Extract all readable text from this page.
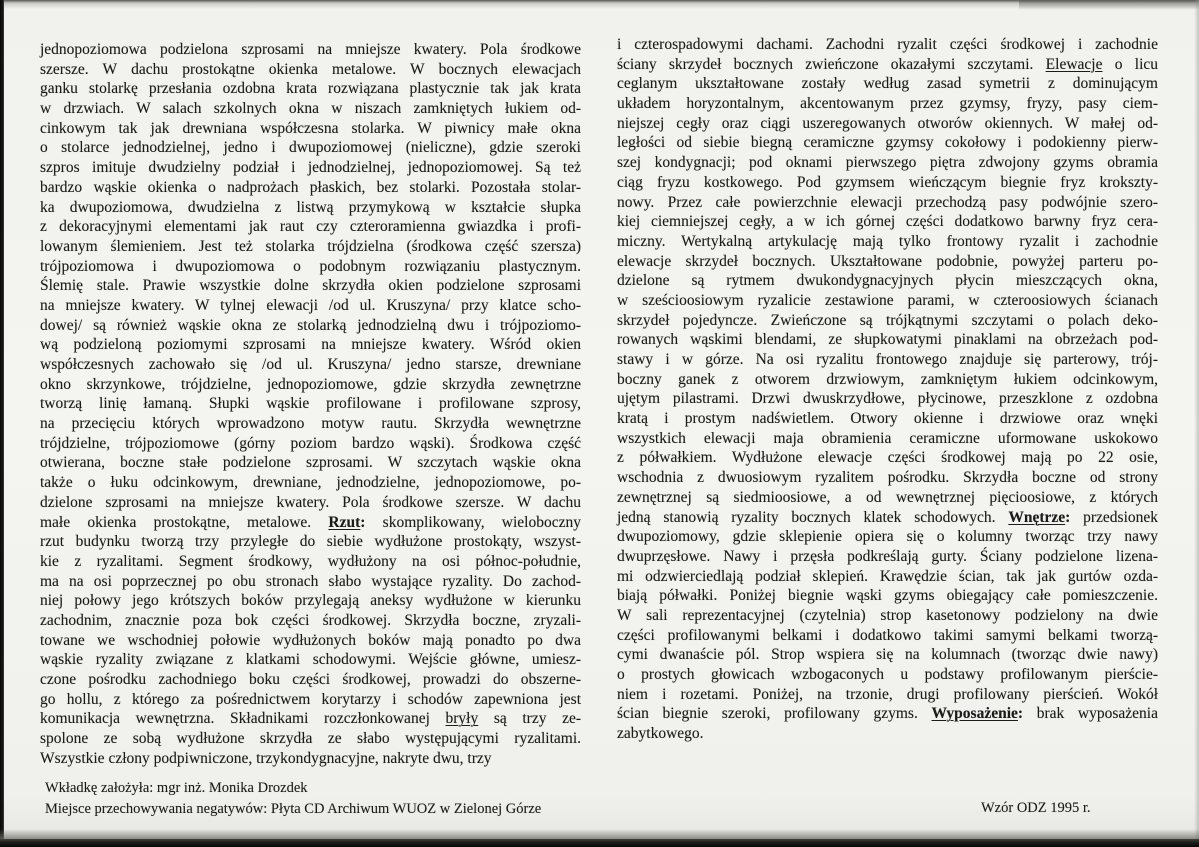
jednopoziomowa podzielona szprosami na mniejsze kwatery. Pola środkowe
szersze. W dachu prostokątne okienka metalowe. W bocznych elewacjach
ganku stolarkę przesłania ozdobna krata rozwiązana plastycznie tak jak krata
w drzwiach. W salach szkolnych okna w niszach zamkniętych łukiem od-
cinkowym tak jak drewniana współczesna stolarka. W piwnicy małe okna
o stolarce jednodzielnej, jedno i dwupoziomowej (nieliczne), gdzie szeroki
szpros imituje dwudzielny podział i jednodzielnej, jednopoziomowej. Są też
bardzo wąskie okienka o nadprożach płaskich, bez stolarki. Pozostała stolar-
ka dwupoziomowa, dwudzielna z listwą przymykową w kształcie słupka
z dekoracyjnymi elementami jak raut czy czteroramienna gwiazdka i profi-
lowanym ślemieniem. Jest też stolarka trójdzielna (środkowa część szersza)
trójpoziomowa i dwupoziomowa o podobnym rozwiązaniu plastycznym.
Ślemię stale. Prawie wszystkie dolne skrzydła okien podzielone szprosami
na mniejsze kwatery. W tylnej elewacji /od ul. Kruszyna/ przy klatce scho-
dowej/ są również wąskie okna ze stolarką jednodzielną dwu i trójpoziomo-
wą podzieloną poziomymi szprosami na mniejsze kwatery. Wśród okien
współczesnych zachowało się /od ul. Kruszyna/ jedno starsze, drewniane
okno skrzynkowe, trójdzielne, jednopoziomowe, gdzie skrzydła zewnętrzne
tworzą linię łamaną. Słupki wąskie profilowane i profilowane szprosy,
na przecięciu których wprowadzono motyw rautu. Skrzydła wewnętrzne
trójdzielne, trójpoziomowe (górny poziom bardzo wąski). Środkowa część
otwierana, boczne stałe podzielone szprosami. W szczytach wąskie okna
także o łuku odcinkowym, drewniane, jednodzielne, jednopoziomowe, po-
dzielone szprosami na mniejsze kwatery. Pola środkowe szersze. W dachu
małe okienka prostokątne, metalowe. Rzut: skomplikowany, wieloboczny
rzut budynku tworzą trzy przyległe do siebie wydłużone prostokąty, wszyst-
kie z ryzalitami. Segment środkowy, wydłużony na osi północ-południe,
ma na osi poprzecznej po obu stronach słabo wystające ryzality. Do zachod-
niej połowy jego krótszych boków przylegają aneksy wydłużone w kierunku
zachodnim, znacznie poza bok części środkowej. Skrzydła boczne, zryzali-
towane we wschodniej połowie wydłużonych boków mają ponadto po dwa
wąskie ryzality związane z klatkami schodowymi. Wejście główne, umiesz-
czone pośrodku zachodniego boku części środkowej, prowadzi do obszerne-
go hollu, z którego za pośrednictwem korytarzy i schodów zapewniona jest
komunikacja wewnętrzna. Składnikami rozczłonkowanej bryły są trzy ze-
spolone ze sobą wydłużone skrzydła ze słabo występującymi ryzalitami.
Wszystkie człony podpiwniczone, trzykondygnacyjne, nakryte dwu, trzy
i czterospadowymi dachami. Zachodni ryzalit części środkowej i zachodnie
ściany skrzydeł bocznych zwieńczone okazałymi szczytami. Elewacje o licu
ceglanym ukształtowane zostały według zasad symetrii z dominującym
układem horyzontalnym, akcentowanym przez gzymsy, fryzy, pasy ciem-
niejszej cegły oraz ciągi uszeregowanych otworów okiennych. W małej od-
ległości od siebie biegną ceramiczne gzymsy cokołowy i podokienny pierw-
szej kondygnacji; pod oknami pierwszego piętra zdwojony gzyms obramia
ciąg fryzu kostkowego. Pod gzymsem wieńczącym biegnie fryz krokszty-
nowy. Przez całe powierzchnie elewacji przechodzą pasy podwójnie szero-
kiej ciemniejszej cegły, a w ich górnej części dodatkowo barwny fryz cera-
miczny. Wertykalną artykulację mają tylko frontowy ryzalit i zachodnie
elewacje skrzydeł bocznych. Ukształtowane podobnie, powyżej parteru po-
dzielone są rytmem dwukondygnacyjnych płycin mieszczących okna,
w sześcioosiowym ryzalicie zestawione parami, w czteroosiowych ścianach
skrzydeł pojedyncze. Zwieńczone są trójkątnymi szczytami o polach deko-
rowanych wąskimi blendami, ze słupkowatymi pinaklami na obrzeżach pod-
stawy i w górze. Na osi ryzalitu frontowego znajduje się parterowy, trój-
boczny ganek z otworem drzwiowym, zamkniętym łukiem odcinkowym,
ujętym pilastrami. Drzwi dwuskrzydłowe, płycinowe, przeszklone z ozdobna
kratą i prostym nadświetlem. Otwory okienne i drzwiowe oraz wnęki
wszystkich elewacji maja obramienia ceramiczne uformowane uskokowo
z półwałkiem. Wydłużone elewacje części środkowej mają po 22 osie,
wschodnia z dwuosiowym ryzalitem pośrodku. Skrzydła boczne od strony
zewnętrznej są siedmioosiowe, a od wewnętrznej pięcioosiowe, z których
jedną stanowią ryzality bocznych klatek schodowych. Wnętrze: przedsionek
dwupoziomowy, gdzie sklepienie opiera się o kolumny tworząc trzy nawy
dwuprzęsłowe. Nawy i przęsła podkreślają gurty. Ściany podzielone lizena-
mi odzwierciedlają podział sklepień. Krawędzie ścian, tak jak gurtów ozda-
biają półwałki. Poniżej biegnie wąski gzyms obiegający całe pomieszczenie.
W sali reprezentacyjnej (czytelnia) strop kasetonowy podzielony na dwie
części profilowanymi belkami i dodatkowo takimi samymi belkami tworzą-
cymi dwanaście pól. Strop wspiera się na kolumnach (tworząc dwie nawy)
o prostych głowicach wzbogaconych u podstawy profilowanym pierście-
niem i rozetami. Poniżej, na trzonie, drugi profilowany pierścień. Wokół
ścian biegnie szeroki, profilowany gzyms. Wyposażenie: brak wyposażenia
zabytkowego.
Wkładkę założyła: mgr inż. Monika Drozdek
Miejsce przechowywania negatywów: Płyta CD Archiwum WUOZ w Zielonej Górze	Wzór ODZ 1995 r.
